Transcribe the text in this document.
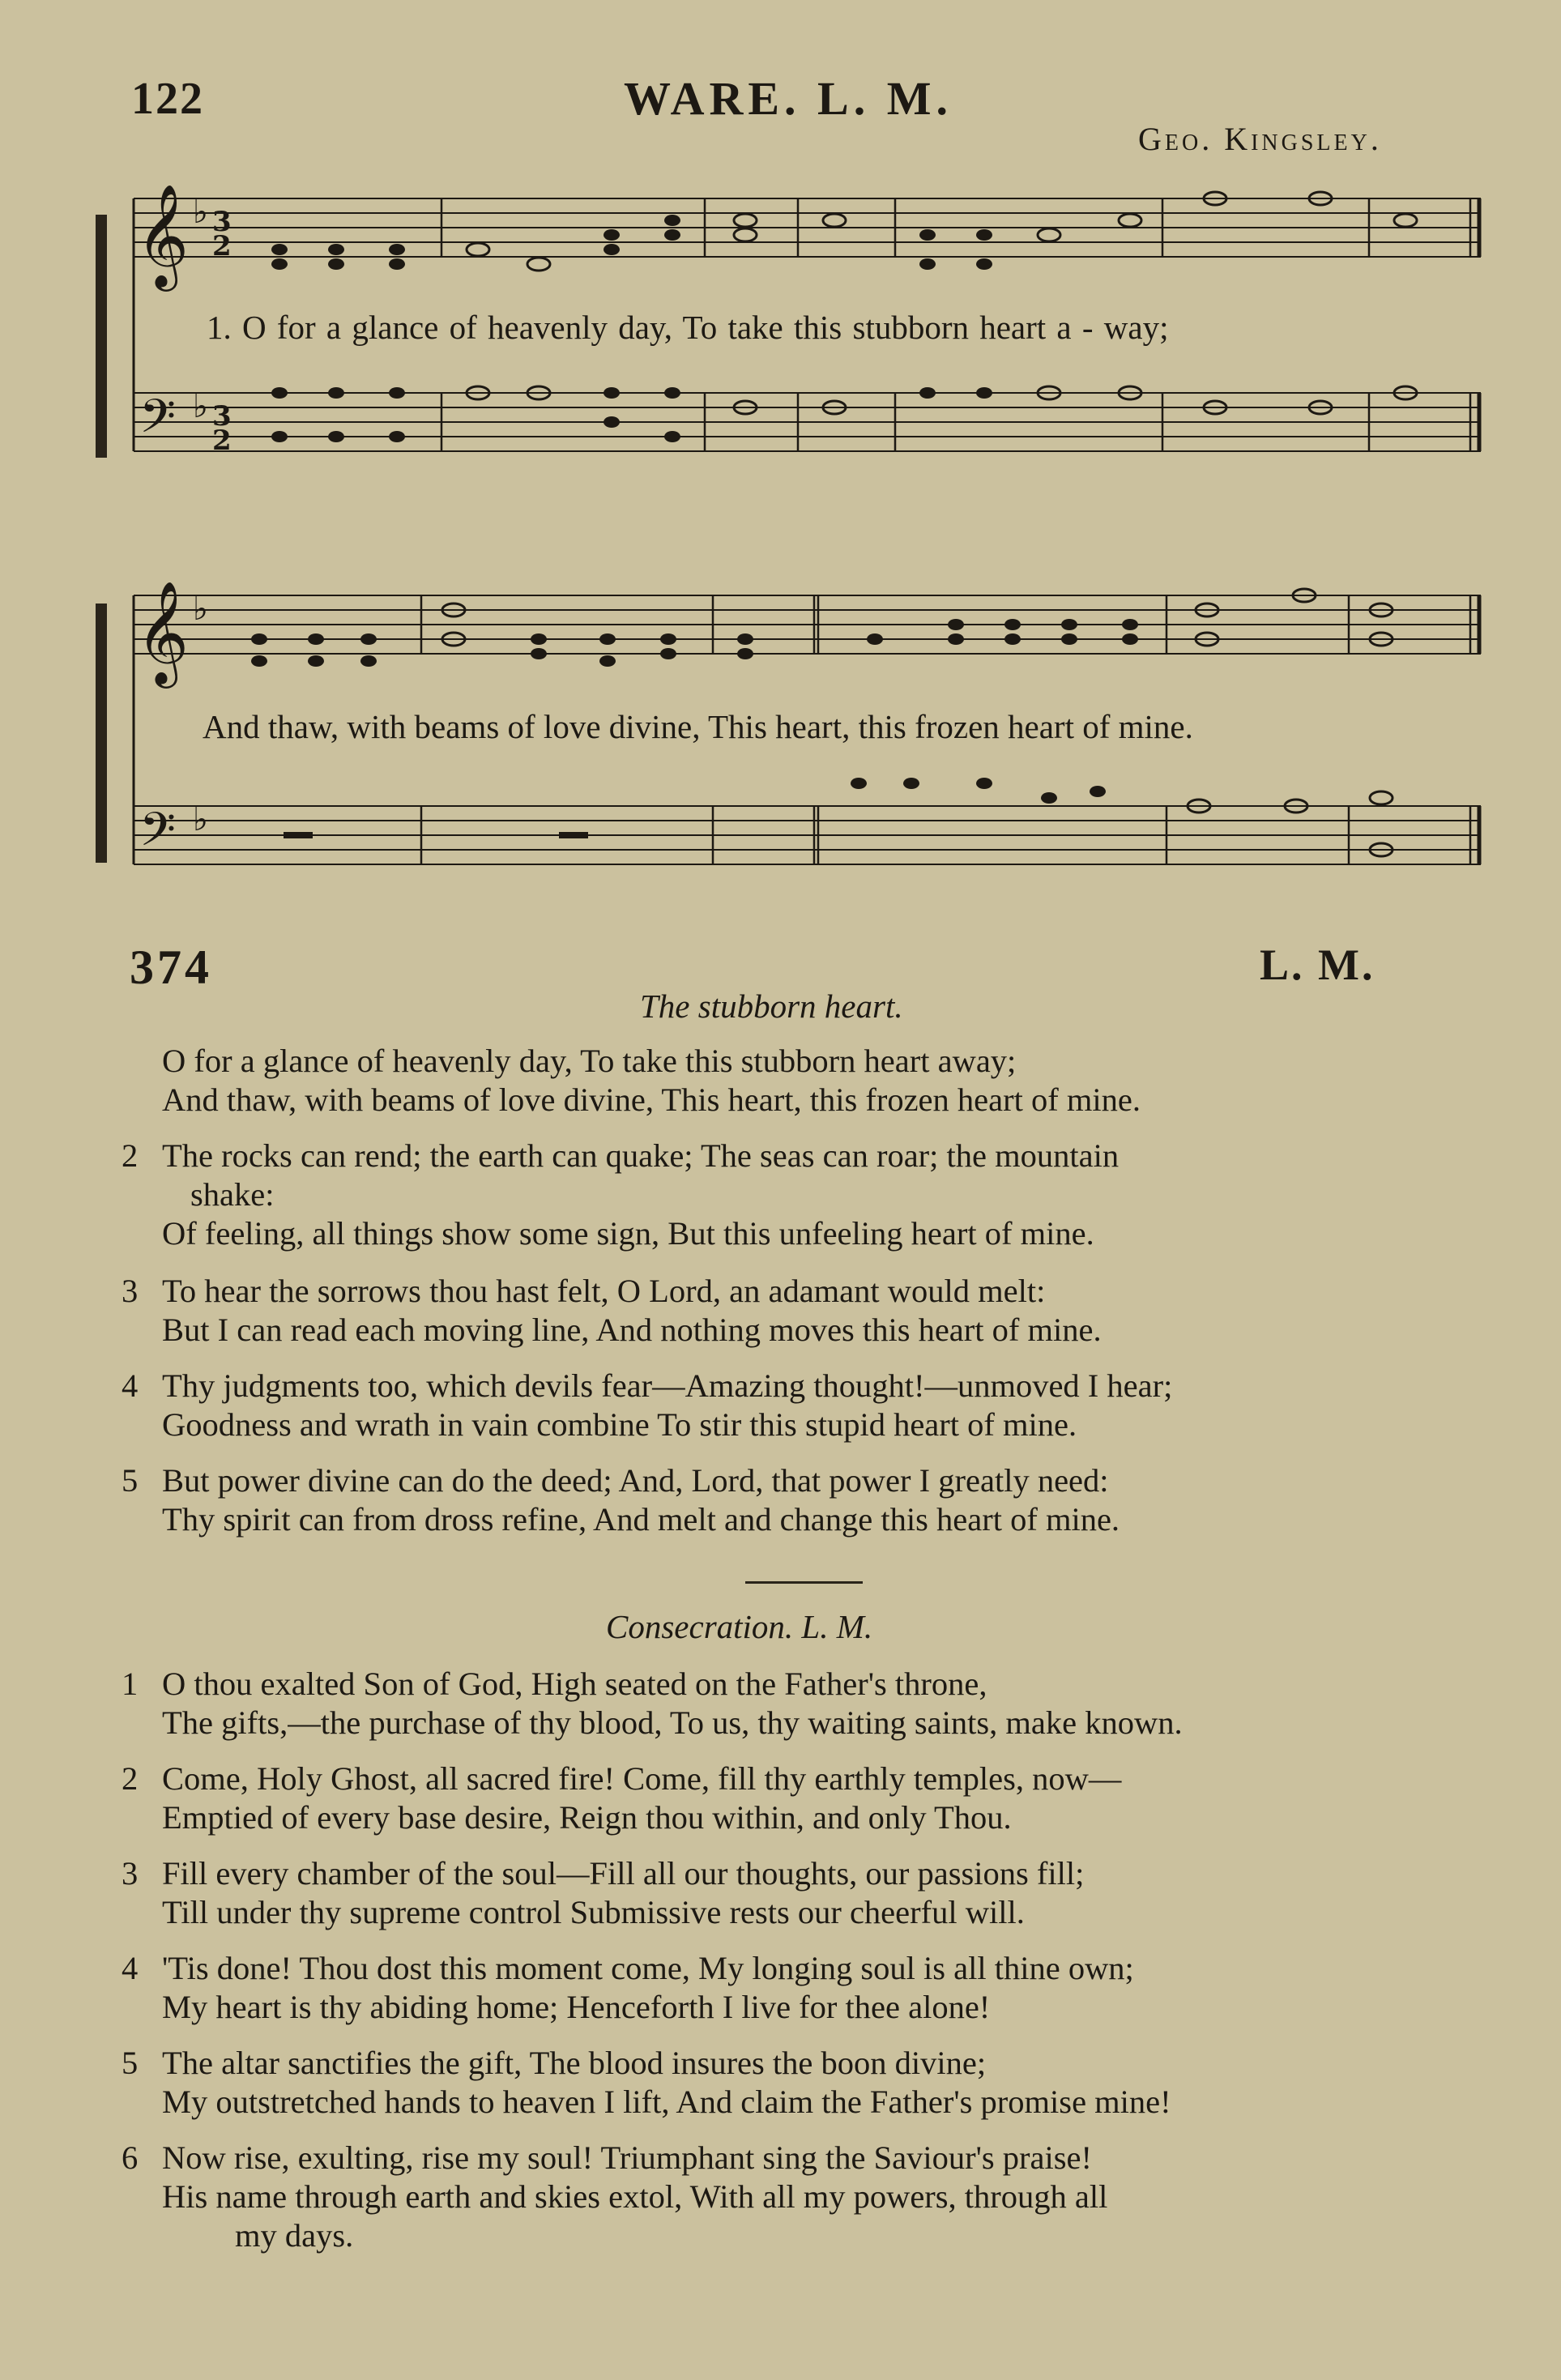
122	WARE. L. M.
Geo. Kingsley.
𝄞
𝄢
𝄞
𝄢
♭
♭
♭
♭
3
2
3
2
1. O for a glance of heavenly day, To take this stubborn heart a - way;
And thaw, with beams of love divine, This heart, this frozen heart of mine.
374	L. M.
The stubborn heart.
O for a glance of heavenly day, To take this stubborn heart away;
And thaw, with beams of love divine, This heart, this frozen heart of mine.
2 The rocks can rend; the earth can quake; The seas can roar; the mountain
shake:
Of feeling, all things show some sign, But this unfeeling heart of mine.
3 To hear the sorrows thou hast felt, O Lord, an adamant would melt:
But I can read each moving line, And nothing moves this heart of mine.
4 Thy judgments too, which devils fear—Amazing thought!—unmoved I hear;
Goodness and wrath in vain combine To stir this stupid heart of mine.
5 But power divine can do the deed; And, Lord, that power I greatly need:
Thy spirit can from dross refine, And melt and change this heart of mine.
Consecration. L. M.
1 O thou exalted Son of God, High seated on the Father's throne,
The gifts,—the purchase of thy blood, To us, thy waiting saints, make known.
2 Come, Holy Ghost, all sacred fire! Come, fill thy earthly temples, now—
Emptied of every base desire, Reign thou within, and only Thou.
3 Fill every chamber of the soul—Fill all our thoughts, our passions fill;
Till under thy supreme control Submissive rests our cheerful will.
4 'Tis done! Thou dost this moment come, My longing soul is all thine own;
My heart is thy abiding home; Henceforth I live for thee alone!
5 The altar sanctifies the gift, The blood insures the boon divine;
My outstretched hands to heaven I lift, And claim the Father's promise mine!
6 Now rise, exulting, rise my soul! Triumphant sing the Saviour's praise!
His name through earth and skies extol, With all my powers, through all
my days.
